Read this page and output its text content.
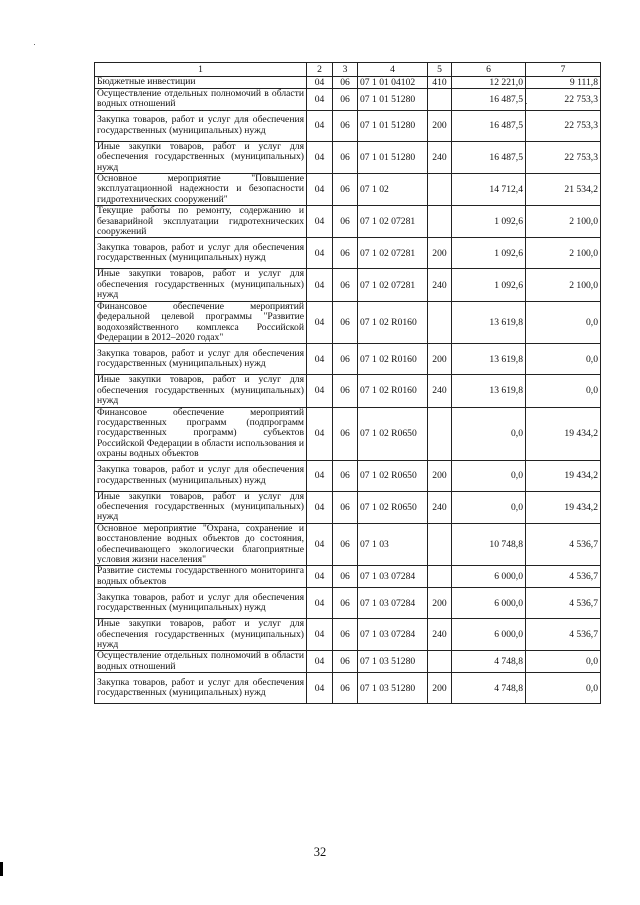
1	2	3	4	5	6	7
Бюджетные инвестиции	04	06	07 1 01 04102	410	12 221,0	9 111,8
Осуществление отдельных полномочий в области водных отношений	04	06	07 1 01 51280		16 487,5	22 753,3
Закупка товаров, работ и услуг для обеспечения государственных (муниципальных) нужд	04	06	07 1 01 51280	200	16 487,5	22 753,3
Иные закупки товаров, работ и услуг для обеспечения государственных (муниципальных) нужд	04	06	07 1 01 51280	240	16 487,5	22 753,3
Основное мероприятие "Повышение эксплуатационной надежности и безопасности гидротехнических сооружений"	04	06	07 1 02		14 712,4	21 534,2
Текущие работы по ремонту, содержанию и безаварийной эксплуатации гидротехнических сооружений	04	06	07 1 02 07281		1 092,6	2 100,0
Закупка товаров, работ и услуг для обеспечения государственных (муниципальных) нужд	04	06	07 1 02 07281	200	1 092,6	2 100,0
Иные закупки товаров, работ и услуг для обеспечения государственных (муниципальных) нужд	04	06	07 1 02 07281	240	1 092,6	2 100,0
Финансовое обеспечение мероприятий федеральной целевой программы "Развитие водохозяйственного комплекса Российской Федерации в 2012–2020 годах"	04	06	07 1 02 R0160		13 619,8	0,0
Закупка товаров, работ и услуг для обеспечения государственных (муниципальных) нужд	04	06	07 1 02 R0160	200	13 619,8	0,0
Иные закупки товаров, работ и услуг для обеспечения государственных (муниципальных) нужд	04	06	07 1 02 R0160	240	13 619,8	0,0
Финансовое обеспечение мероприятий государственных программ (подпрограмм государственных программ) субъектов Российской Федерации в области использования и охраны водных объектов	04	06	07 1 02 R0650		0,0	19 434,2
Закупка товаров, работ и услуг для обеспечения государственных (муниципальных) нужд	04	06	07 1 02 R0650	200	0,0	19 434,2
Иные закупки товаров, работ и услуг для обеспечения государственных (муниципальных) нужд	04	06	07 1 02 R0650	240	0,0	19 434,2
Основное мероприятие "Охрана, сохранение и восстановление водных объектов до состояния, обеспечивающего экологически благоприятные условия жизни населения"	04	06	07 1 03		10 748,8	4 536,7
Развитие системы государственного мониторинга водных объектов	04	06	07 1 03 07284		6 000,0	4 536,7
Закупка товаров, работ и услуг для обеспечения государственных (муниципальных) нужд	04	06	07 1 03 07284	200	6 000,0	4 536,7
Иные закупки товаров, работ и услуг для обеспечения государственных (муниципальных) нужд	04	06	07 1 03 07284	240	6 000,0	4 536,7
Осуществление отдельных полномочий в области водных отношений	04	06	07 1 03 51280		4 748,8	0,0
Закупка товаров, работ и услуг для обеспечения государственных (муниципальных) нужд	04	06	07 1 03 51280	200	4 748,8	0,0
32
